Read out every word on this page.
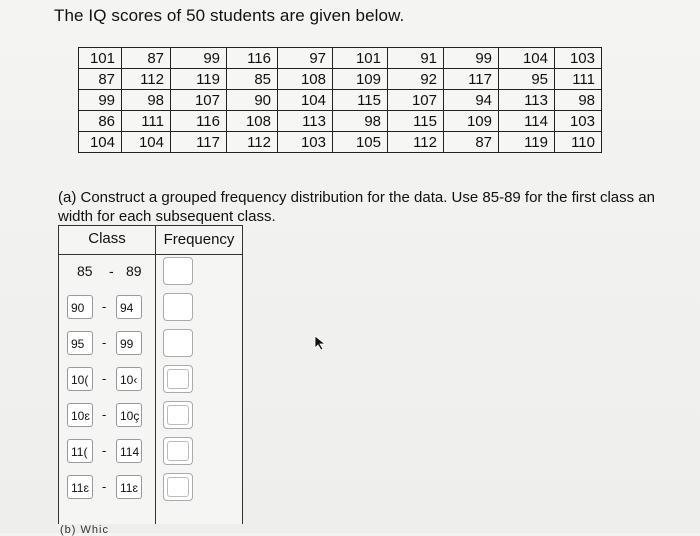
The IQ scores of 50 students are given below.
101	87	99	116	97	101	91	99	104	103
87	112	119	85	108	109	92	117	95	111
99	98	107	90	104	115	107	94	113	98
86	111	116	108	113	98	115	109	114	103
104	104	117	112	103	105	112	87	119	110
(a) Construct a grouped frequency distribution for the data. Use 85-89 for the first class an
width for each subsequent class.
Class	Frequency
85 - 89
90	-	94
95	-	99
10(	-	10‹
10ɛ -	10ç
11(	-	114
11ɛ	-	11ɛ
(b) Whic
